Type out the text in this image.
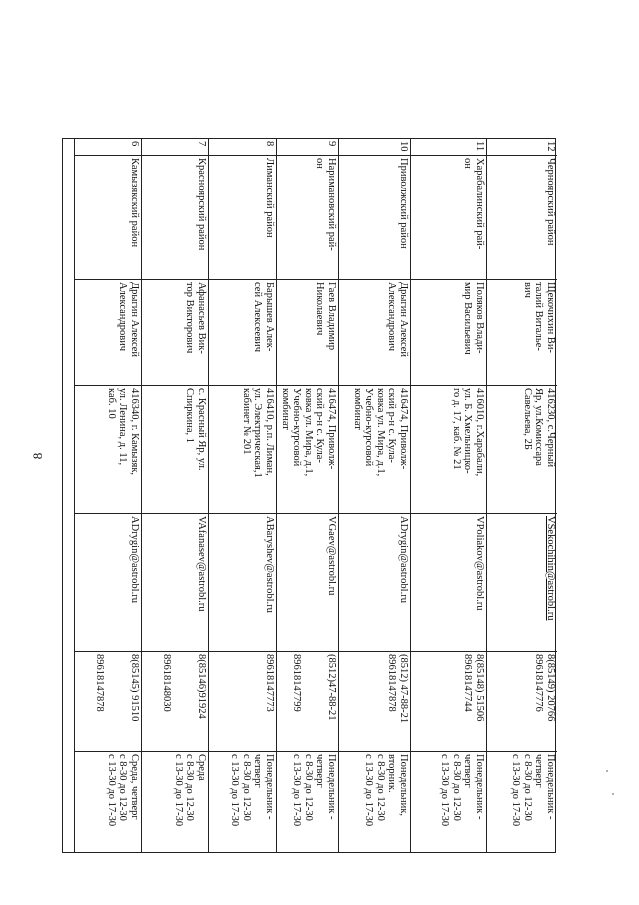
8
6
Камызякский район
Дрыгин Алексей
Александрович
416340, г. Камызяк,
ул. Ленина, д. 11,
каб. 10
ADrygin@astrobl.ru
8(85145) 91510

89618147878
Среда, четверг
с 8-30 до 12-30
с 13-30 до 17-30
7
Красноярский район
Афанасьев Вик-
тор Викторович
с. Красный Яр, ул.
Спиркина, 1
VAfanasev@astrobl.ru
8(85146)91924

89618148030
Среда
с 8-30 до 12-30
с 13-30 до 17-30
8
Лиманский район
Барышев Алек-
сей Алексеевич
416410, р.п. Лиман,
ул. Электрическая,1
кабинет № 201
ABaryshev@astrobl.ru
89618147773
Понедельник - четверг
с 8-30 до 12-30
с 13-30 до 17-30
9
Наримановский рай-
он
Гаев Владимир
Николаевич
416474, Приволж-
ский р-н с. Кула-
ковка ул. Мира, д.1,
Учебно-курсовой
комбинат
VGaev@astrobl.ru
(8512)47-88-21

89618147799
Понедельник - четверг
с 8-30 до 12-30
с 13-30 до 17-30
10
Приволжский район
Дрыгин Алексей
Александрович
416474, Приволж-
ский р-н с. Кула-
ковка ул. Мира, д.1,
Учебно-курсовой
комбинат
ADrygin@astrobl.ru
(8512) 47-88-21
89618147878
Понедельник, вторник.
с 8-30 до 12-30
с 13-30 до 17-30
11
Харабалинский рай-
он
Поляков Влади-
мир Васильевич
416010, г.Харабали,
ул. Б. Хмельницко-
го д. 17, каб. № 21
VPoliakov@astrobl.ru
8(85148) 51506
89618147744
Понедельник - четверг
с 8-30 до 12-30
с 13-30 до 17-30
12
Черноярский район
Щекочихин Ви-
талий Виталье-
вич
416230, с.Черный
Яр, ул.Комиссара
Савельева, 2Б
VSekochihin@astrobl.ru
8(85149) 20766
89618147776
Понедельник - четверг
с 8-30 до 12-30
с 13-30 до 17-30
